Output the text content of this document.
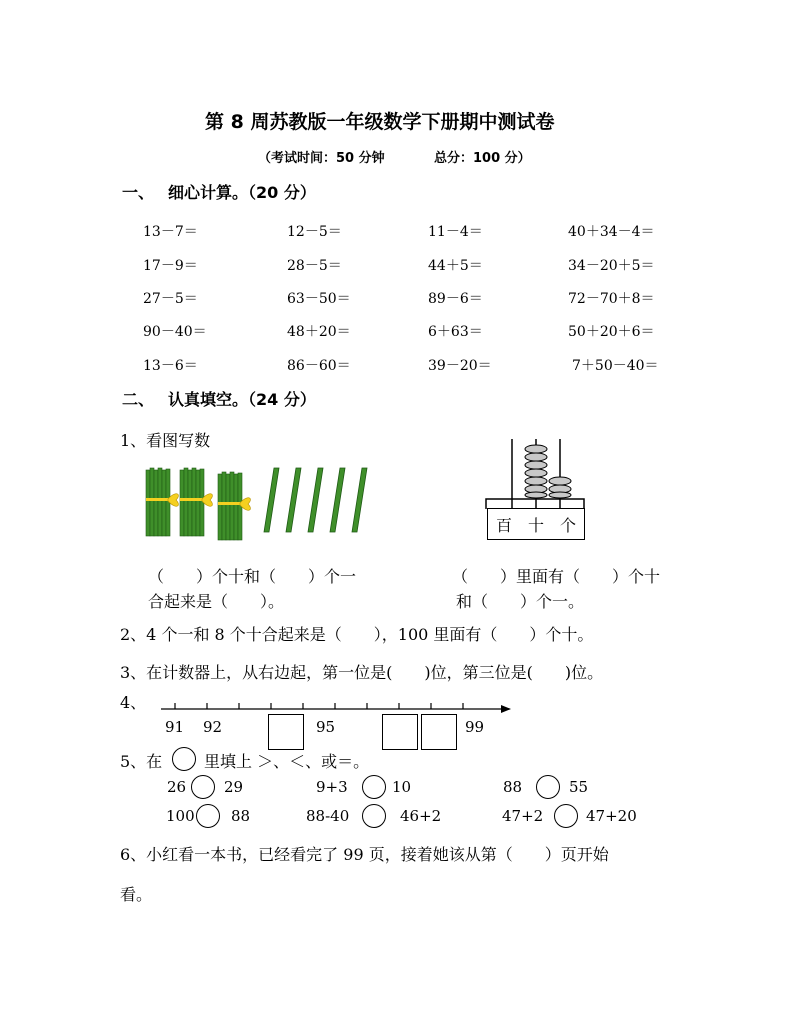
第 8 周苏教版一年级数学下册期中测试卷
（考试时间：50 分钟	总分：100 分）
一、 细心计算。（20 分）
13－7＝	12－5＝	11－4＝	40＋34－4＝
17－9＝	28－5＝	44＋5＝	34－20＋5＝
27－5＝	63－50＝	89－6＝	72－70＋8＝
90－40＝	48＋20＝	6＋63＝	50＋20＋6＝
13－6＝	86－60＝	39－20＝	7＋50－40＝
二、 认真填空。（24 分）
1、看图写数
百 十 个
（　　）个十和（　　）个一
合起来是（　　）。
（　　）里面有（　　）个十
和（　　）个一。
2、4 个一和 8 个十合起来是（　　），100 里面有（　　）个十。
3、在计数器上，从右边起，第一位是(　　)位，第三位是(　　)位。
4、
91 92	95	99
5、在	里填上 ＞、＜、或＝。
26	29	9+3	10	88	55
100 88	88-40	46+2	47+2	47+20
6、小红看一本书，已经看完了 99 页，接着她该从第（　　）页开始
看。
